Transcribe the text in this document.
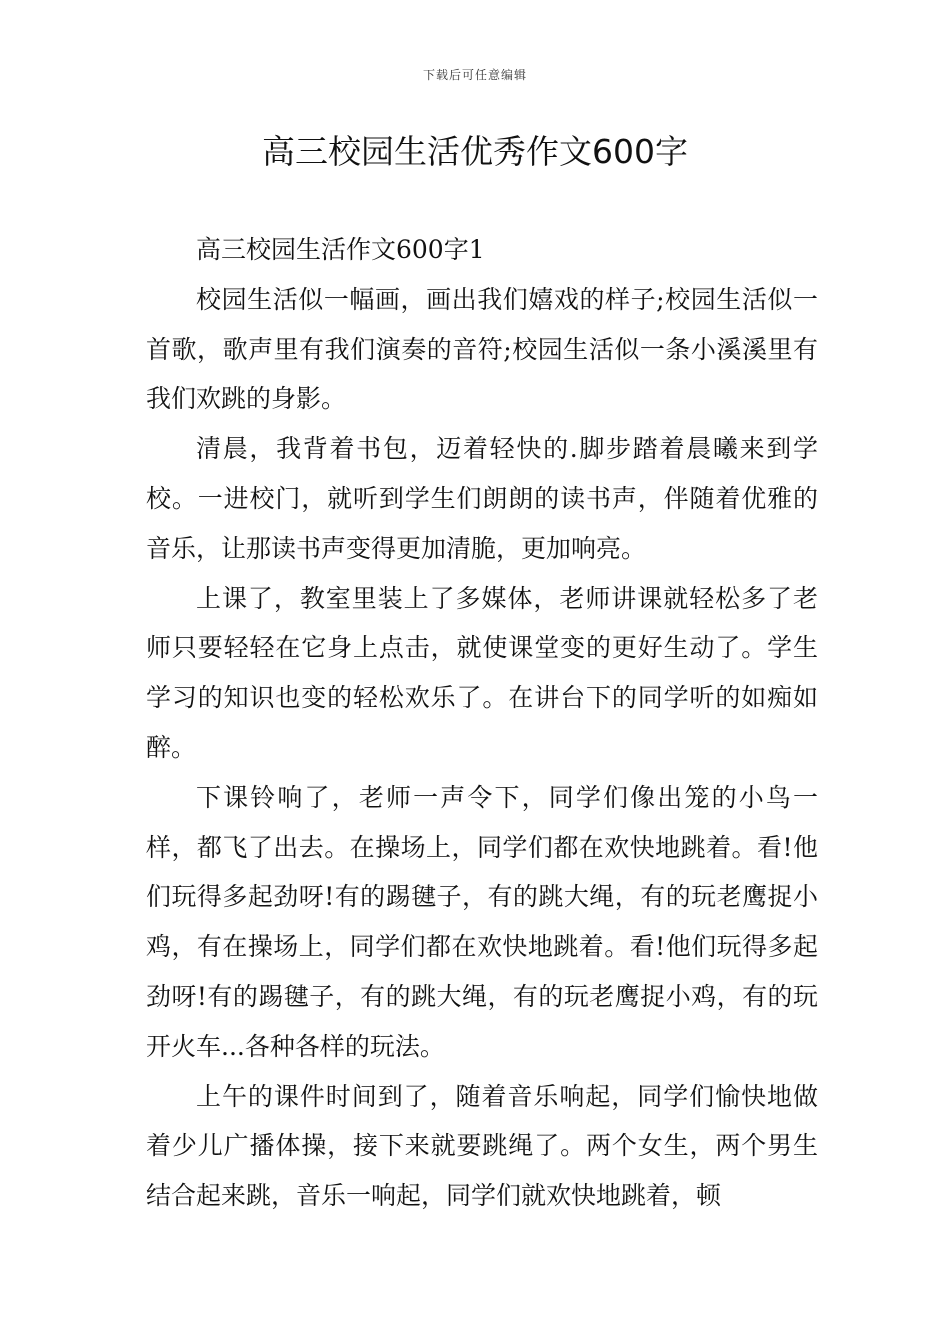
下载后可任意编辑
高三校园生活优秀作文600字

高三校园生活作文600字1

校园生活似一幅画，画出我们嬉戏的样子;校园生活似一首歌，歌声里有我们演奏的音符;校园生活似一条小溪溪里有我们欢跳的身影。

清晨，我背着书包，迈着轻快的.脚步踏着晨曦来到学校。一进校门，就听到学生们朗朗的读书声，伴随着优雅的音乐，让那读书声变得更加清脆，更加响亮。

上课了，教室里装上了多媒体，老师讲课就轻松多了老师只要轻轻在它身上点击，就使课堂变的更好生动了。学生学习的知识也变的轻松欢乐了。在讲台下的同学听的如痴如醉。

下课铃响了，老师一声令下，同学们像出笼的小鸟一样，都飞了出去。在操场上，同学们都在欢快地跳着。看!他们玩得多起劲呀!有的踢毽子，有的跳大绳，有的玩老鹰捉小鸡，有在操场上，同学们都在欢快地跳着。看!他们玩得多起劲呀!有的踢毽子，有的跳大绳，有的玩老鹰捉小鸡，有的玩开火车...各种各样的玩法。

上午的课件时间到了，随着音乐响起，同学们愉快地做着少儿广播体操，接下来就要跳绳了。两个女生，两个男生结合起来跳，音乐一响起，同学们就欢快地跳着，顿
